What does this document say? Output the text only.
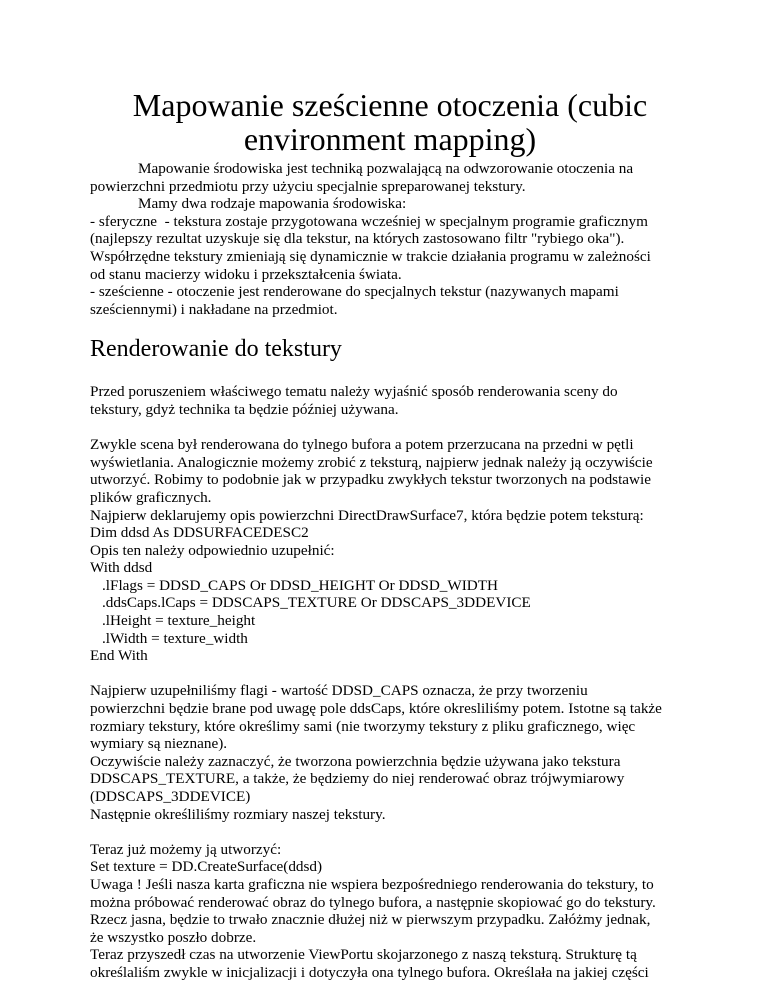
Mapowanie sześcienne otoczenia (cubic environment mapping)

Mapowanie środowiska jest techniką pozwalającą na odwzorowanie otoczenia na

powierzchni przedmiotu przy użyciu specjalnie spreparowanej tekstury.

Mamy dwa rodzaje mapowania środowiska:

- sferyczne  - tekstura zostaje przygotowana wcześniej w specjalnym programie graficznym

(najlepszy rezultat uzyskuje się dla tekstur, na których zastosowano filtr "rybiego oka").

Współrzędne tekstury zmieniają się dynamicznie w trakcie działania programu w zależności

od stanu macierzy widoku i przekształcenia świata.

- sześcienne - otoczenie jest renderowane do specjalnych tekstur (nazywanych mapami

sześciennymi) i nakładane na przedmiot.

Renderowanie do tekstury

Przed poruszeniem właściwego tematu należy wyjaśnić sposób renderowania sceny do

tekstury, gdyż technika ta będzie później używana.

Zwykle scena był renderowana do tylnego bufora a potem przerzucana na przedni w pętli

wyświetlania. Analogicznie możemy zrobić z teksturą, najpierw jednak należy ją oczywiście

utworzyć. Robimy to podobnie jak w przypadku zwykłych tekstur tworzonych na podstawie

plików graficznych.

Najpierw deklarujemy opis powierzchni DirectDrawSurface7, która będzie potem teksturą:

Dim ddsd As DDSURFACEDESC2

Opis ten należy odpowiednio uzupełnić:

With ddsd

.lFlags = DDSD_CAPS Or DDSD_HEIGHT Or DDSD_WIDTH

.ddsCaps.lCaps = DDSCAPS_TEXTURE Or DDSCAPS_3DDEVICE

.lHeight = texture_height

.lWidth = texture_width

End With

Najpierw uzupełniliśmy flagi - wartość DDSD_CAPS oznacza, że przy tworzeniu

powierzchni będzie brane pod uwagę pole ddsCaps, które okresliliśmy potem. Istotne są także

rozmiary tekstury, które określimy sami (nie tworzymy tekstury z pliku graficznego, więc

wymiary są nieznane).

Oczywiście należy zaznaczyć, że tworzona powierzchnia będzie używana jako tekstura

DDSCAPS_TEXTURE, a także, że będziemy do niej renderować obraz trójwymiarowy

(DDSCAPS_3DDEVICE)

Następnie określiliśmy rozmiary naszej tekstury.

Teraz już możemy ją utworzyć:

Set texture = DD.CreateSurface(ddsd)

Uwaga ! Jeśli nasza karta graficzna nie wspiera bezpośredniego renderowania do tekstury, to

można próbować renderować obraz do tylnego bufora, a następnie skopiować go do tekstury.

Rzecz jasna, będzie to trwało znacznie dłużej niż w pierwszym przypadku. Załóżmy jednak,

że wszystko poszło dobrze.

Teraz przyszedł czas na utworzenie ViewPortu skojarzonego z naszą teksturą. Strukturę tą

określaliśm zwykle w inicjalizacji i dotyczyła ona tylnego bufora. Określała na jakiej części
